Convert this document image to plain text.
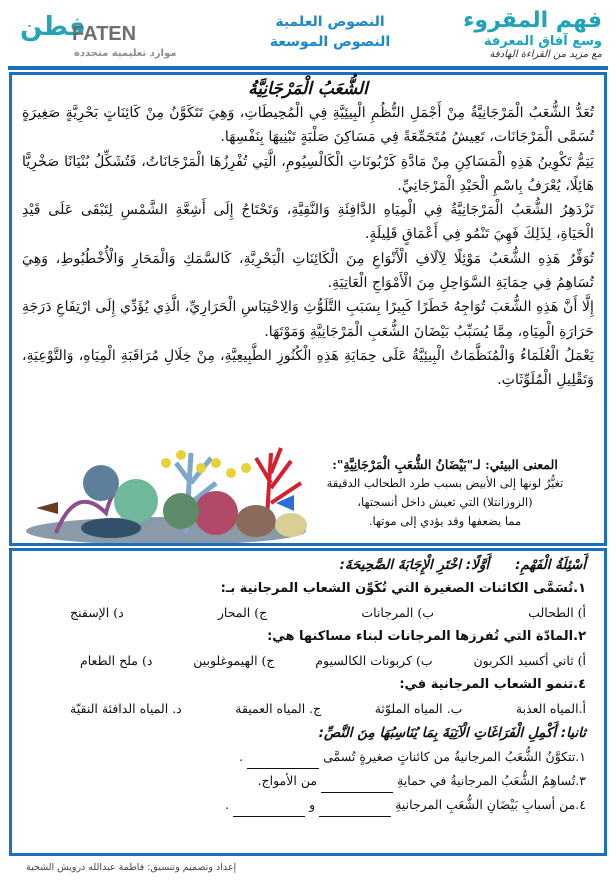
فهم المقروء
وسع آفاق المعرفة
مع مزيد من القراءة الهادفة
النصوص العلمية
النصوص الموسعة
فطن
FATEN
موارد تعليمية متجددة
الشُّعَبُ الْمَرْجَانِيَّةُ
تُعَدُّ الشُّعَبُ الْمَرْجَانِيَّةُ مِنْ أَجْمَلِ النُّظُمِ الْبِيئِيَّةِ فِي الْمُحِيطَاتِ، وَهِيَ تَتَكَوَّنُ مِنْ كَائِنَاتٍ بَحْرِيَّةٍ صَغِيرَةٍ تُسَمَّى الْمَرْجَانَات، تَعِيشُ مُتَجَمِّعَةً فِي مَسَاكِنَ صَلْبَةٍ تَبْنِيهَا بِنَفْسِهَا.
يَتِمُّ تَكْوِينُ هَذِهِ الْمَسَاكِنِ مِنْ مَادَّةِ كَرْبُونَاتِ الْكَالْسِيُومِ، الَّتِي تُفْرِزُهَا الْمَرْجَانَاتُ، فَتُشَكِّلُ بُنْيَانًا صَخْرِيًّا هَائِلًا، يُعْرَفُ بِاسْمِ الْحَيْدِ الْمَرْجَانِيِّ.
تَزْدَهِرُ الشُّعَبُ الْمَرْجَانِيَّةُ فِي الْمِيَاهِ الدَّافِئَةِ وَالنَّقِيَّةِ، وَتَحْتَاجُ إِلَى أَشِعَّةِ الشَّمْسِ لِتَبْقَى عَلَى قَيْدِ الْحَيَاةِ، لِذَلِكَ فَهِيَ تَنْمُو فِي أَعْمَاقٍ قَلِيلَةٍ.
تُوَفِّرُ هَذِهِ الشُّعَبُ مَوْئِلًا لِآلَافِ الْأَنْوَاعِ مِنَ الْكَائِنَاتِ الْبَحْرِيَّةِ، كَالسَّمَكِ وَالْمَحَارِ وَالْأُخْطُبُوطِ، وَهِيَ تُسَاهِمُ فِي حِمَايَةِ السَّوَاحِلِ مِنَ الْأَمْوَاجِ الْعَاتِيَةِ.
إِلَّا أَنَّ هَذِهِ الشُّعَبَ تُوَاجِهُ خَطَرًا كَبِيرًا بِسَبَبِ التَّلَوُّثِ وَالِاحْتِبَاسِ الْحَرَارِيِّ، الَّذِي يُؤَدِّي إِلَى ارْتِفَاعِ دَرَجَةِ حَرَارَةِ الْمِيَاهِ، مِمَّا يُسَبِّبُ بَيْضَانَ الشُّعَبِ الْمَرْجَانِيَّةِ وَمَوْتَهَا.
يَعْمَلُ الْعُلَمَاءُ وَالْمُنَظَّمَاتُ الْبِيئِيَّةُ عَلَى حِمَايَةِ هَذِهِ الْكُنُوزِ الطَّبِيعِيَّةِ، مِنْ خِلَالِ مُرَاقَبَةِ الْمِيَاهِ، وَالتَّوْعِيَةِ، وَتَقْلِيلِ الْمُلَوِّثَاتِ.
المعنى البيئي: لـ"بَيْضَانُ الشُّعَبِ الْمَرْجَانِيَّةِ":
تغيُّرُ لونها إلى الأبيض بسبب طرد الطحالب الدقيقة
(الزوزانتلا) التي تعيش داخل أنسجتها،
مما يضعفها وقد يؤدي إلى موتها.
أَسْئِلَةُ الْفَهْمِ:أَوَّلًا: اخْتَرِ الْإِجَابَةَ الصَّحِيحَةَ:
١.تُسَمَّى الكائنات الصغيرة التي تُكَوِّن الشعاب المرجانية بـ:
أ) الطحالب
ب) المرجانات
ج) المحار
د) الإسفنج
٢.المادّة التي تُفرزها المرجانات لبناء مساكنها هي:
أ) ثاني أكسيد الكربون
ب) كربونات الكالسيوم
ج) الهيموغلوبين
د) ملح الطعام
٤.تنمو الشعاب المرجانية في:
أ.المياه العذبة
ب. المياه الملوّثة
ج. المياه العميقة
د. المياه الدافئة النقيّة
ثانيا: أَكْمِلِ الْفَرَاغَاتِ الْآتِيَةَ بِمَا يُنَاسِبُهَا مِنَ النَّصِّ:
١.تتكوَّنُ الشُّعَبُ المرجانيةُ من كائناتٍ صغيرةٍ تُسمَّى.
٣.تُساهِمُ الشُّعَبُ المرجانيةُ في حمايةِمن الأمواج.
٤.من أسبابِ بَيْضَانِ الشُّعَبِ المرجانيةِو.
إعداد وتصميم وتنسيق: فاطمة عبدالله درويش الشحية
